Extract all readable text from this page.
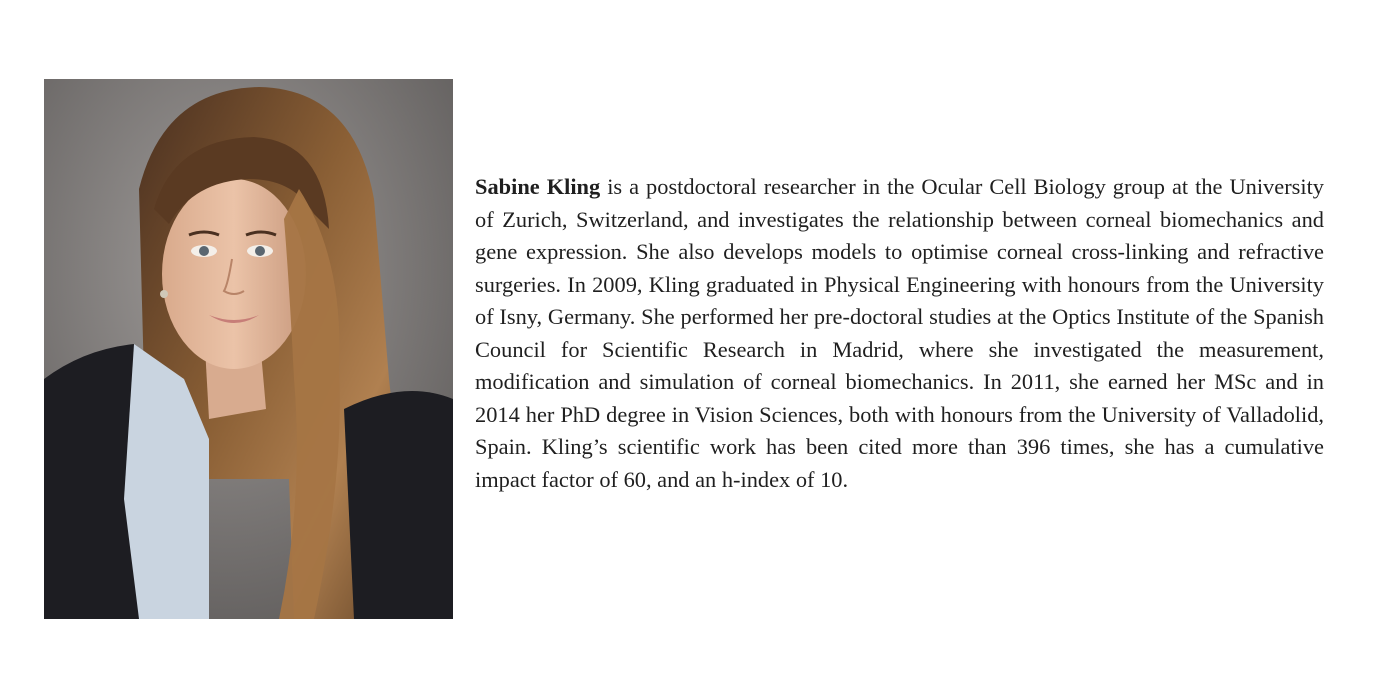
Sabine Kling is a postdoctoral researcher in the Ocular Cell Biology group at the University of Zurich, Switzerland, and investigates the relationship between corneal biomechanics and gene expression. She also develops models to optimise corneal cross-linking and refractive surgeries. In 2009, Kling graduated in Physical Engineering with honours from the University of Isny, Germany. She performed her pre-doctoral studies at the Optics Institute of the Spanish Council for Scientific Research in Madrid, where she investigated the measurement, modification and simulation of corneal biomechanics. In 2011, she earned her MSc and in 2014 her PhD degree in Vision Sciences, both with honours from the University of Valladolid, Spain. Kling’s scientific work has been cited more than 396 times, she has a cumulative impact factor of 60, and an h-index of 10.
